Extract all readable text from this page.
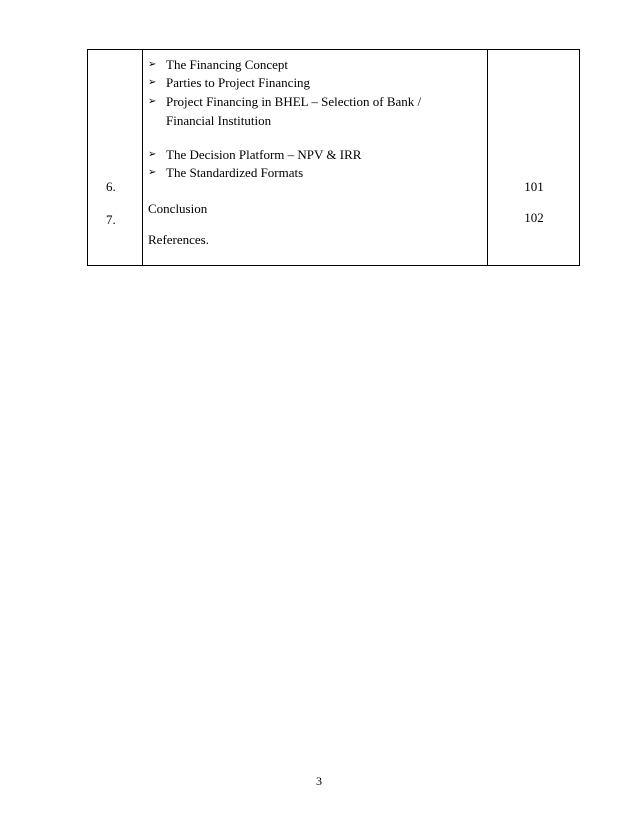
➢ The Financing Concept
➢ Parties to Project Financing
➢ Project Financing in BHEL – Selection of Bank /
Financial Institution
➢ The Decision Platform – NPV & IRR
➢ The Standardized Formats
6.
Conclusion
101
7.
References.
102
3
